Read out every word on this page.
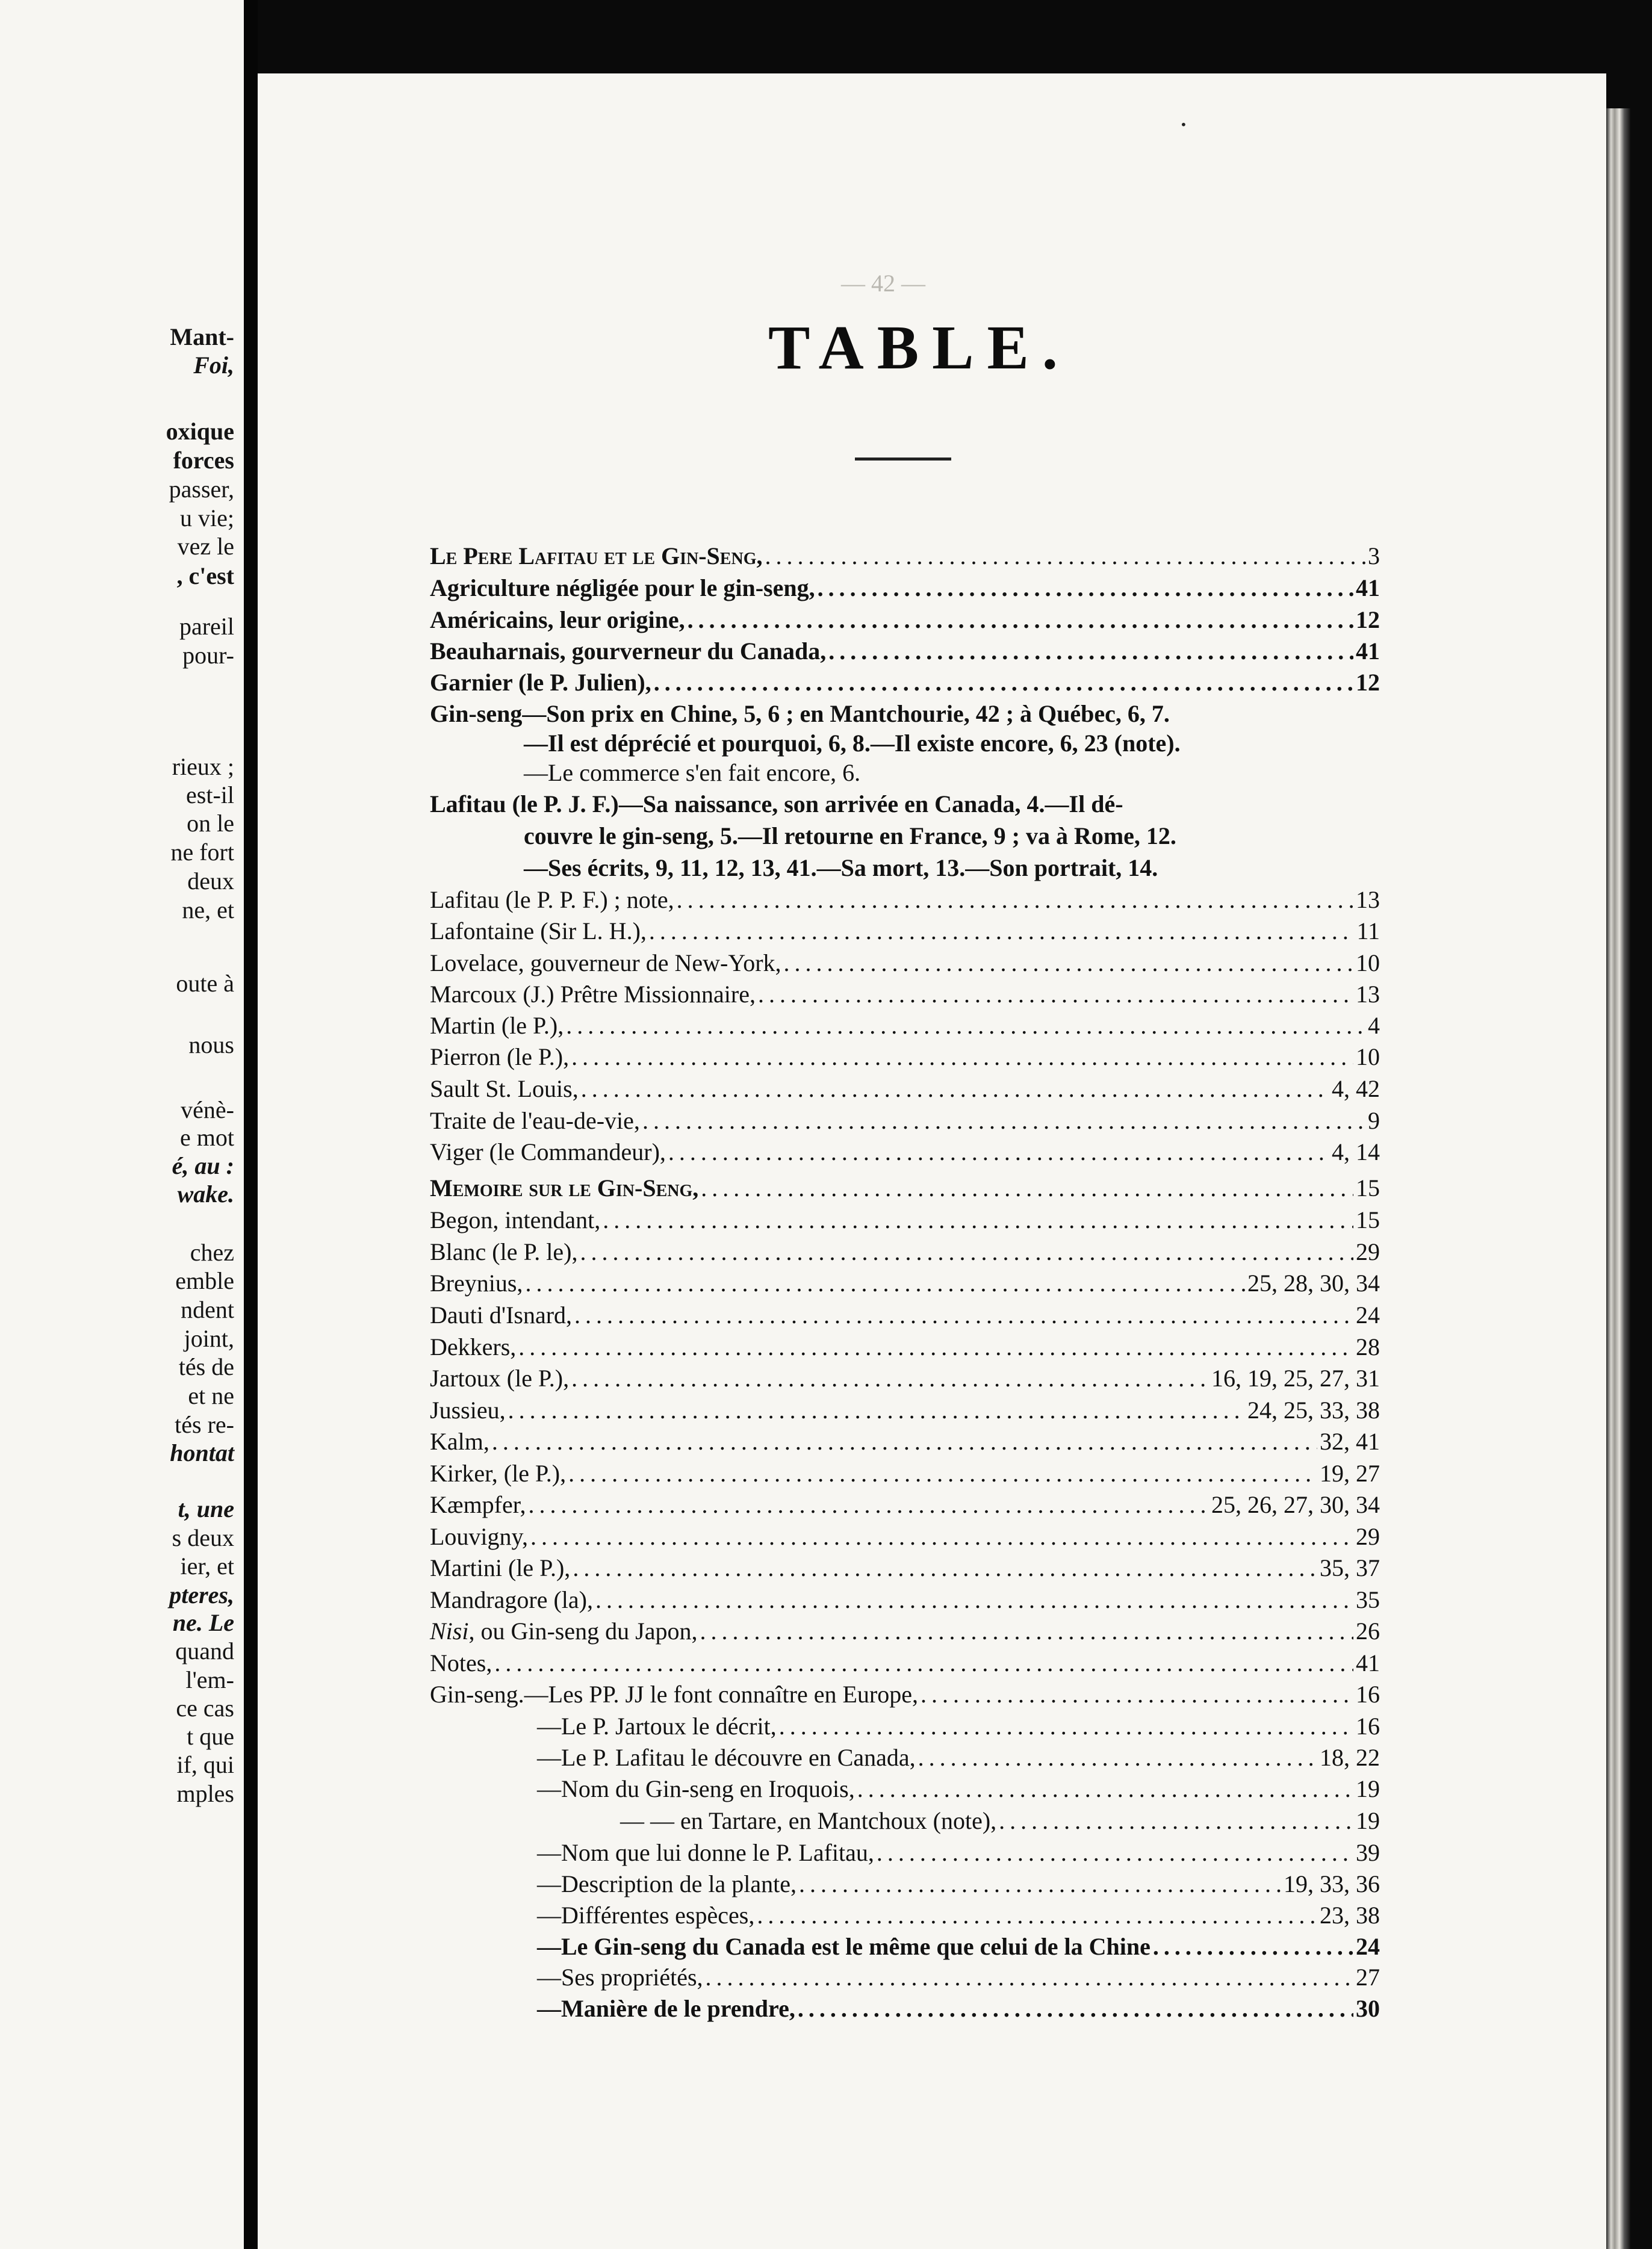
Mant-
Foi,
oxique
forces
passer,
u vie;
vez le
, c'est
pareil
pour-
rieux ;
est-il
on le
ne fort
deux
ne, et
oute à
nous
vénè-
e mot
é, au :
wake.
chez
emble
ndent
joint,
tés de
et ne
tés re-
hontat
t, une
s deux
ier, et
pteres,
ne. Le
quand
l'em-
ce cas
t que
if, qui
mples
•
— 42 —
TABLE.
Le Pere Lafitau et le Gin-Seng, . . .	3
Agriculture négligée pour le gin-seng, . . .	41
Américains, leur origine, . . .	12
Beauharnais, gourverneur du Canada, . . .	41
Garnier (le P. Julien), . . .	12
Gin-seng—Son prix en Chine, 5, 6 ; en Mantchourie, 42 ; à Québec, 6, 7.
—Il est déprécié et pourquoi, 6, 8.—Il existe encore, 6, 23 (note).
—Le commerce s'en fait encore, 6.
Lafitau (le P. J. F.)—Sa naissance, son arrivée en Canada, 4.—Il dé-
couvre le gin-seng, 5.—Il retourne en France, 9 ; va à Rome, 12.
—Ses écrits, 9, 11, 12, 13, 41.—Sa mort, 13.—Son portrait, 14.
Lafitau (le P. P. F.) ; note, . . .	13
Lafontaine (Sir L. H.), . . .	11
Lovelace, gouverneur de New-York, . . .	10
Marcoux (J.) Prêtre Missionnaire, . . .	13
Martin (le P.), . . .	4
Pierron (le P.), . . .	10
Sault St. Louis, . . .	4, 42
Traite de l'eau-de-vie, . . .	9
Viger (le Commandeur), . . .	4, 14
Memoire sur le Gin-Seng, . . .	15
Begon, intendant, . . .	15
Blanc (le P. le), . . .	29
Breynius, . . .	25, 28, 30, 34
Dauti d'Isnard, . . .	24
Dekkers, . . .	28
Jartoux (le P.), . . .	16, 19, 25, 27, 31
Jussieu, . . .	24, 25, 33, 38
Kalm, . . .	32, 41
Kirker, (le P.), . . .	19, 27
Kæmpfer, . . .	25, 26, 27, 30, 34
Louvigny, . . .	29
Martini (le P.), . . .	35, 37
Mandragore (la), . . .	35
Nisi, ou Gin-seng du Japon, . . .	26
Notes, . . .	41
Gin-seng.—Les PP. JJ le font connaître en Europe, . . .	16
—Le P. Jartoux le décrit, . . .	16
—Le P. Lafitau le découvre en Canada, . . .	18, 22
—Nom du Gin-seng en Iroquois, . . .	19
— — en Tartare, en Mantchoux (note), . . .	19
—Nom que lui donne le P. Lafitau, . . .	39
—Description de la plante, . . .	19, 33, 36
—Différentes espèces, . . .	23, 38
—Le Gin-seng du Canada est le même que celui de la Chine . . .	24
—Ses propriétés, . . .	27
—Manière de le prendre, . . .	30
